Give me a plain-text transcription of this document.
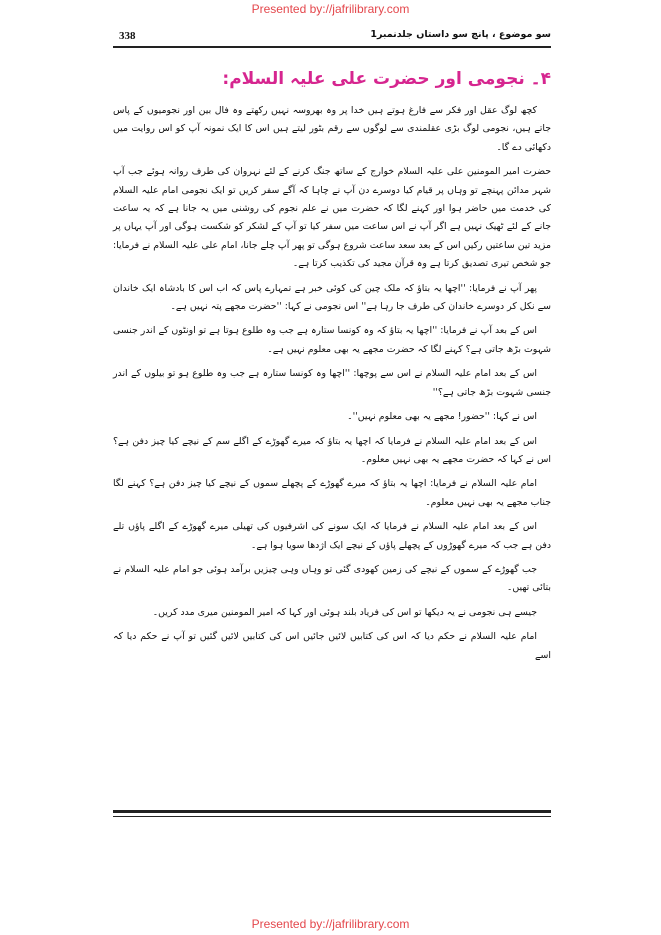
Presented by://jafrilibrary.com
338	سو موضوع ، پانچ سو داستاں جلدنمبر1
۴۔ نجومی اور حضرت علی علیہ السلام:

کچھ لوگ عقل اور فکر سے فارغ ہوتے ہیں خدا پر وہ بھروسہ نہیں رکھتے وہ فال بین اور نجومیوں کے پاس جاتے ہیں، نجومی لوگ بڑی عقلمندی سے لوگوں سے رقم بٹور لیتے ہیں اس کا ایک نمونہ آپ کو اس روایت میں دکھائی دے گا۔

حضرت امیر المومنین علی علیہ السلام خوارج کے ساتھ جنگ کرنے کے لئے نہروان کی طرف روانہ ہوئے جب آپ شہر مدائن پہنچے تو وہاں پر قیام کیا دوسرے دن آپ نے چاہا کہ آگے سفر کریں تو ایک نجومی امام علیہ السلام کی خدمت میں حاضر ہوا اور کہنے لگا کہ حضرت میں نے علم نجوم کی روشنی میں یہ جانا ہے کہ یہ ساعت جانے کے لئے ٹھیک نہیں ہے اگر آپ نے اس ساعت میں سفر کیا تو آپ کے لشکر کو شکست ہوگی اور آپ یہاں پر مزید تین ساعتیں رکیں اس کے بعد سعد ساعت شروع ہوگی تو پھر آپ چلے جانا، امام علی علیہ السلام نے فرمایا: جو شخص تیری تصدیق کرتا ہے وہ قرآن مجید کی تکذیب کرتا ہے۔

پھر آپ نے فرمایا: ''اچھا یہ بتاؤ کہ ملک چین کی کوئی خبر ہے تمہارے پاس کہ اب اس کا بادشاہ ایک خاندان سے نکل کر دوسرے خاندان کی طرف جا رہا ہے'' اس نجومی نے کہا: ''حضرت مجھے پتہ نہیں ہے۔

اس کے بعد آپ نے فرمایا: ''اچھا یہ بتاؤ کہ وہ کونسا ستارہ ہے جب وہ طلوع ہوتا ہے تو اونٹوں کے اندر جنسی شہوت بڑھ جاتی ہے؟ کہنے لگا کہ حضرت مجھے یہ بھی معلوم نہیں ہے۔

اس کے بعد امام علیہ السلام نے اس سے پوچھا: ''اچھا وہ کونسا ستارہ ہے جب وہ طلوع ہو تو بیلوں کے اندر جنسی شہوت بڑھ جاتی ہے؟''

اس نے کہا: ''حضور! مجھے یہ بھی معلوم نہیں''۔

اس کے بعد امام علیہ السلام نے فرمایا کہ اچھا یہ بتاؤ کہ میرے گھوڑے کے اگلے سم کے نیچے کیا چیز دفن ہے؟ اس نے کہا کہ حضرت مجھے یہ بھی نہیں معلوم۔

امام علیہ السلام نے فرمایا: اچھا یہ بتاؤ کہ میرے گھوڑے کے پچھلے سموں کے نیچے کیا چیز دفن ہے؟ کہنے لگا جناب مجھے یہ بھی نہیں معلوم۔

اس کے بعد امام علیہ السلام نے فرمایا کہ ایک سونے کی اشرفیوں کی تھیلی میرے گھوڑے کے اگلے پاؤں تلے دفن ہے جب کہ میرے گھوڑوں کے پچھلے پاؤں کے نیچے ایک اژدھا سویا ہوا ہے۔

جب گھوڑے کے سموں کے نیچے کی زمین کھودی گئی تو وہاں وہی چیزیں برآمد ہوئی جو امام علیہ السلام نے بتائی تھیں۔

جیسے ہی نجومی نے یہ دیکھا تو اس کی فریاد بلند ہوئی اور کہا کہ امیر المومنین میری مدد کریں۔

امام علیہ السلام نے حکم دیا کہ اس کی کتابیں لائیں جائیں اس کی کتابیں لائیں گئیں تو آپ نے حکم دیا کہ اسے

Presented by://jafrilibrary.com
